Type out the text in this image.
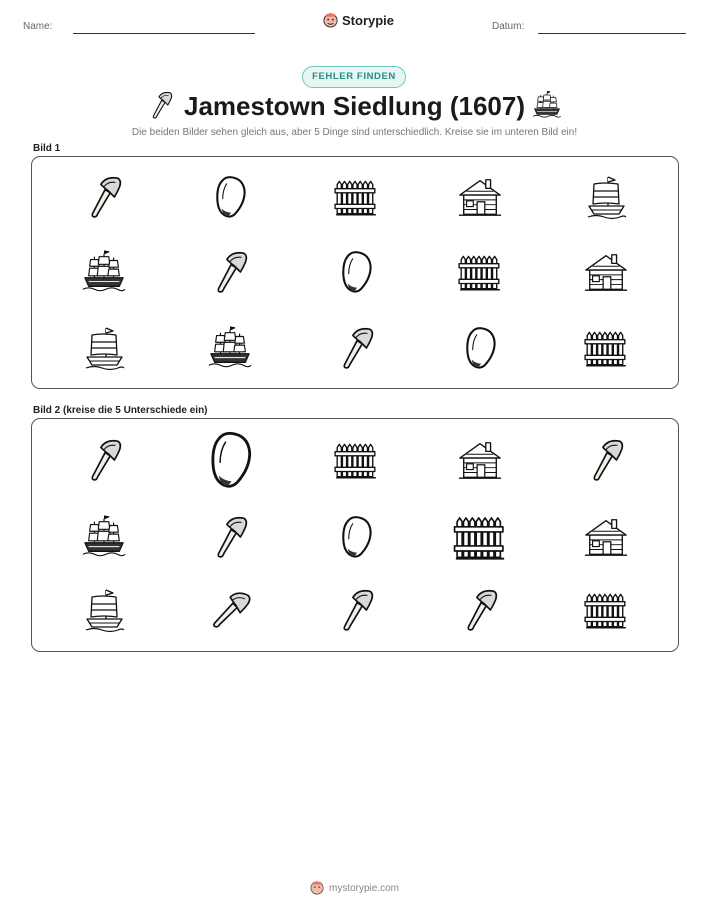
Name:	Storypie	Datum:
FEHLER FINDEN
Jamestown Siedlung (1607)
Die beiden Bilder sehen gleich aus, aber 5 Dinge sind unterschiedlich. Kreise sie im unteren Bild ein!
Bild 1
Bild 2 (kreise die 5 Unterschiede ein)
mystorypie.com
